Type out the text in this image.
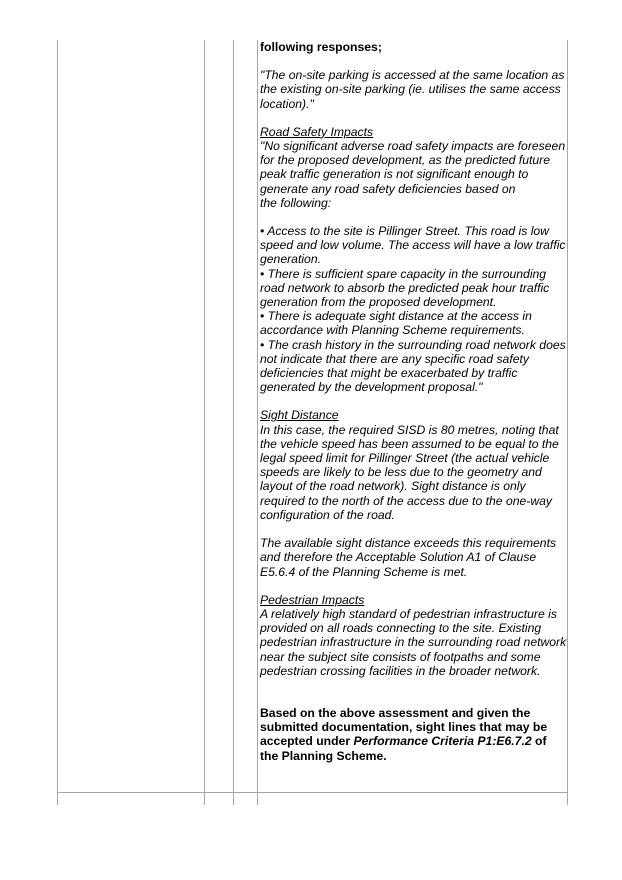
following responses;

"The on-site parking is accessed at the same location as the existing on-site parking (ie. utilises the same access location)."

Road Safety Impacts

"No significant adverse road safety impacts are foreseen for the proposed development, as the predicted future peak traffic generation is not significant enough to generate any road safety deficiencies based on

the following:

• Access to the site is Pillinger Street. This road is low speed and low volume. The access will have a low traffic generation.

• There is sufficient spare capacity in the surrounding road network to absorb the predicted peak hour traffic generation from the proposed development.

• There is adequate sight distance at the access in accordance with Planning Scheme requirements.

• The crash history in the surrounding road network does not indicate that there are any specific road safety deficiencies that might be exacerbated by traffic generated by the development proposal."

Sight Distance

In this case, the required SISD is 80 metres, noting that the vehicle speed has been assumed to be equal to the legal speed limit for Pillinger Street (the actual vehicle speeds are likely to be less due to the geometry and layout of the road network). Sight distance is only required to the north of the access due to the one-way configuration of the road.

The available sight distance exceeds this requirements and therefore the Acceptable Solution A1 of Clause E5.6.4 of the Planning Scheme is met.

Pedestrian Impacts

A relatively high standard of pedestrian infrastructure is provided on all roads connecting to the site. Existing pedestrian infrastructure in the surrounding road network near the subject site consists of footpaths and some pedestrian crossing facilities in the broader network.

Based on the above assessment and given the submitted documentation, sight lines that may be accepted under Performance Criteria P1:E6.7.2 of the Planning Scheme.
